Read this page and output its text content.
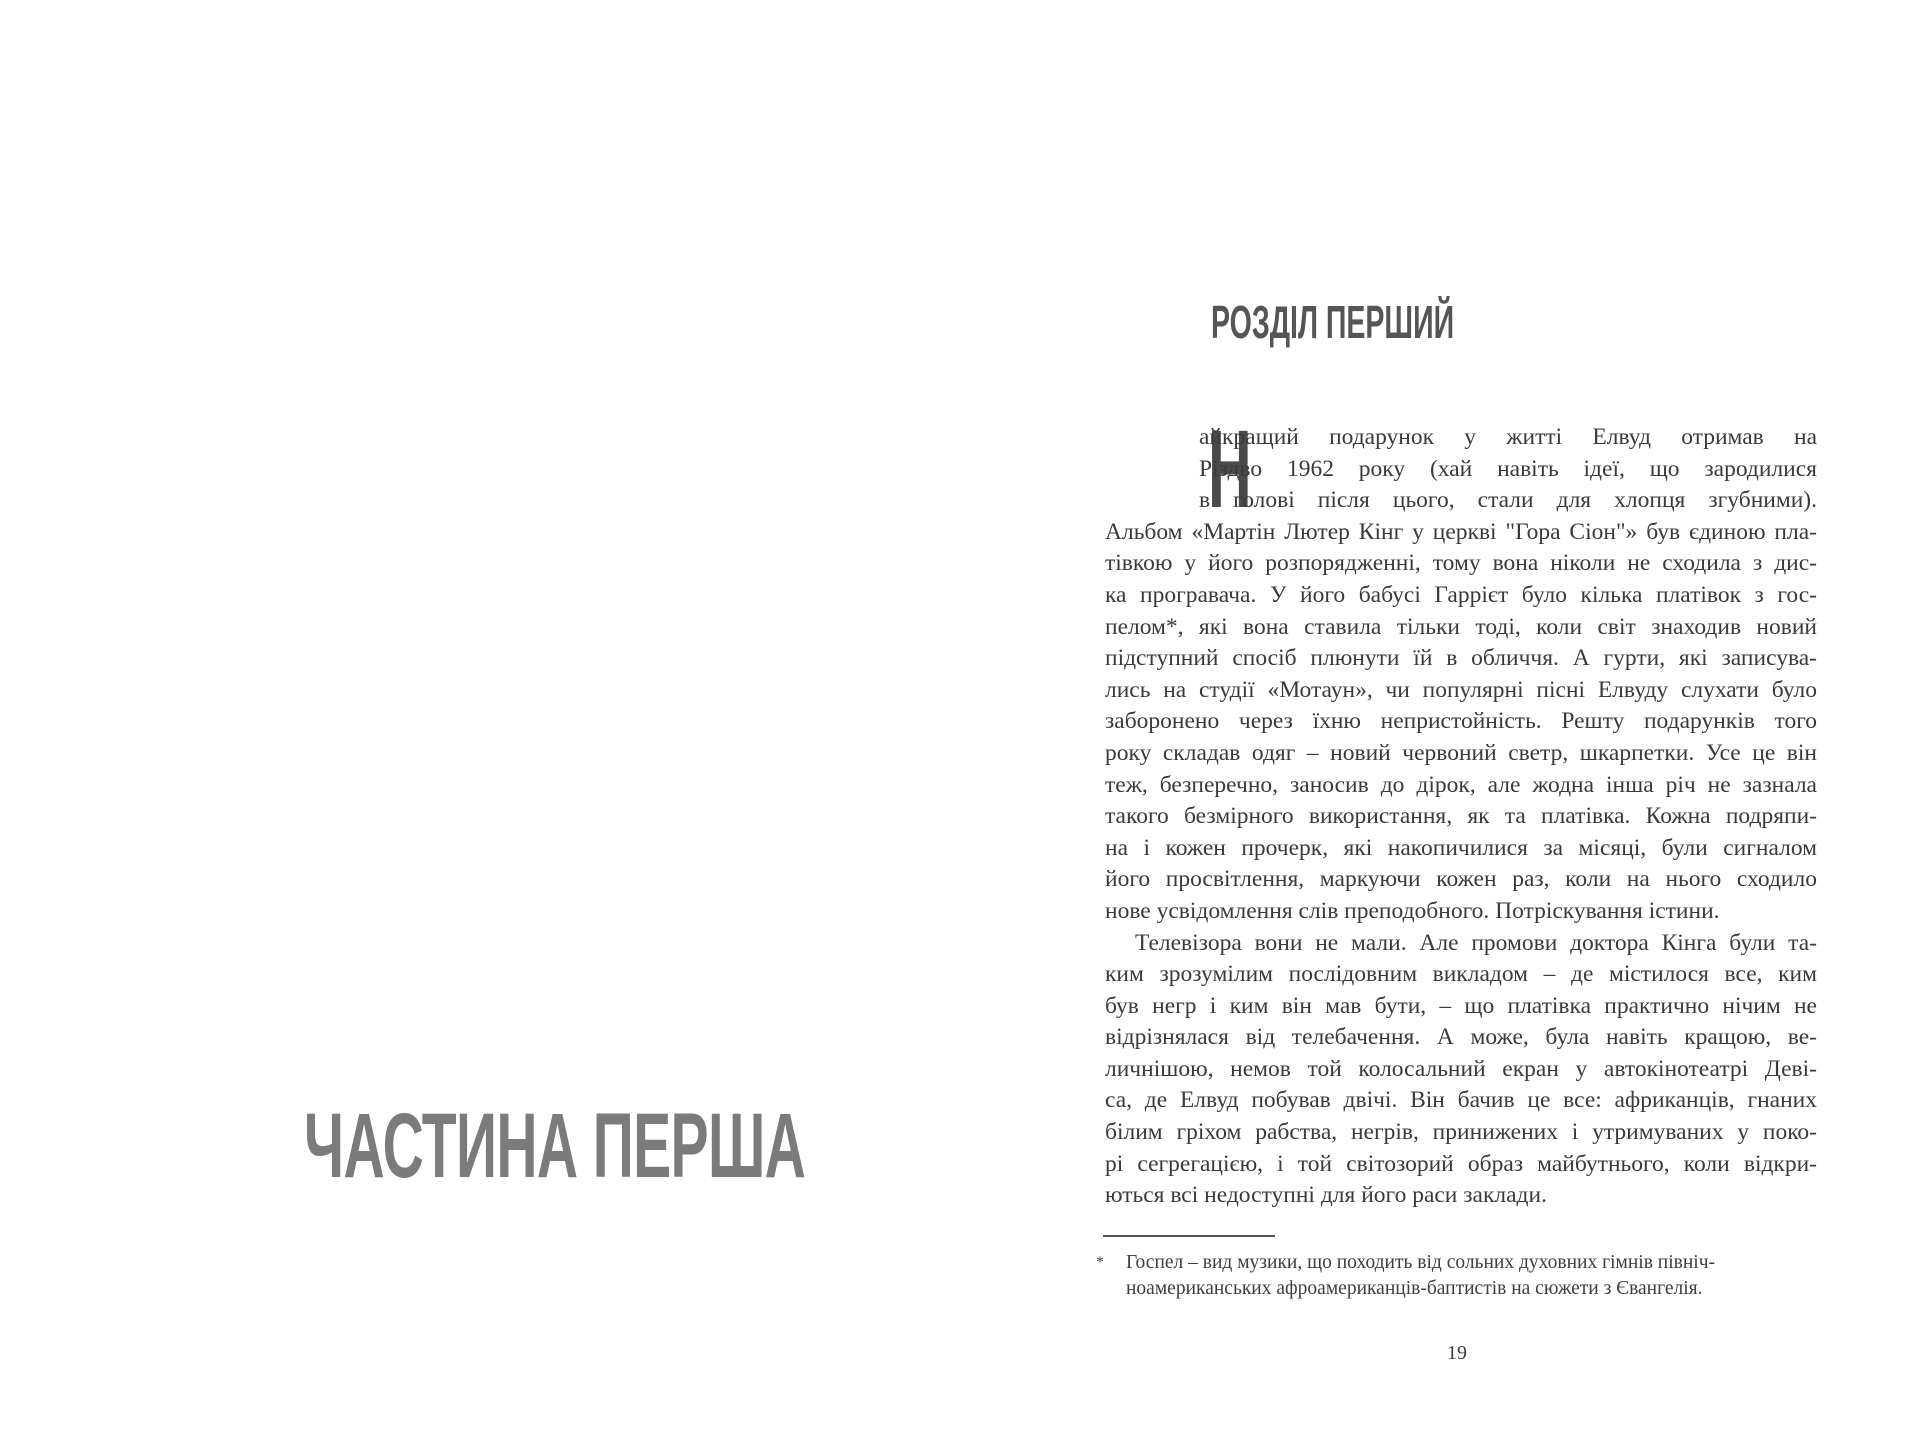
ЧАСТИНА ПЕРША
РОЗДІЛ ПЕРШИЙ
Н
айкращий подарунок у житті Елвуд отримав на
Різдво 1962 року (хай навіть ідеї, що зародилися
в голові після цього, стали для хлопця згубними).
Альбом «Мартін Лютер Кінг у церкві "Гора Сіон"» був єдиною пла-
тівкою у його розпорядженні, тому вона ніколи не сходила з дис-
ка програвача. У його бабусі Гаррієт було кілька платівок з гос-
пелом*, які вона ставила тільки тоді, коли світ знаходив новий
підступний спосіб плюнути їй в обличчя. А гурти, які записува-
лись на студії «Мотаун», чи популярні пісні Елвуду слухати було
заборонено через їхню непристойність. Решту подарунків того
року складав одяг – новий червоний светр, шкарпетки. Усе це він
теж, безперечно, заносив до дірок, але жодна інша річ не зазнала
такого безмірного використання, як та платівка. Кожна подряпи-
на і кожен прочерк, які накопичилися за місяці, були сигналом
його просвітлення, маркуючи кожен раз, коли на нього сходило
нове усвідомлення слів преподобного. Потріскування істини.
Телевізора вони не мали. Але промови доктора Кінга були та-
ким зрозумілим послідовним викладом – де містилося все, ким
був негр і ким він мав бути, – що платівка практично нічим не
відрізнялася від телебачення. А може, була навіть кращою, ве-
личнішою, немов той колосальний екран у автокінотеатрі Деві-
са, де Елвуд побував двічі. Він бачив це все: африканців, гнаних
білим гріхом рабства, негрів, принижених і утримуваних у поко-
рі сегрегацією, і той світозорий образ майбутнього, коли відкри-
ються всі недоступні для його раси заклади.
* Госпел – вид музики, що походить від сольних духовних гімнів північ-
ноамериканських афроамериканців-баптистів на сюжети з Євангелія.
19
